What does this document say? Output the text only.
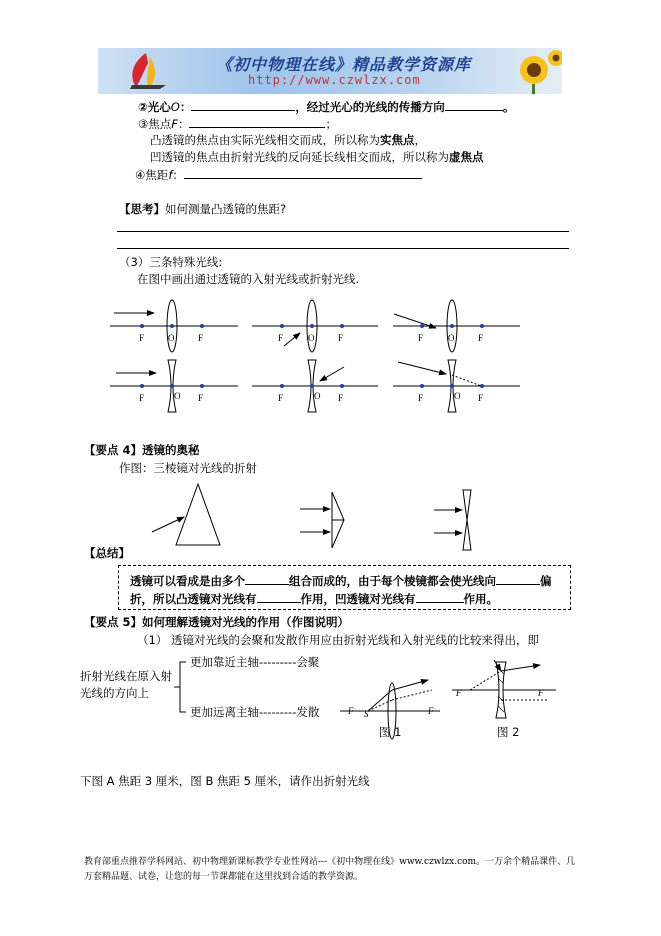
《初中物理在线》精品教学资源库
http://www.czwlzx.com
②光心O：	，经过光心的光线的传播方向	。
③焦点F：	；
凸透镜的焦点由实际光线相交而成，所以称为实焦点，
凹透镜的焦点由折射光线的反向延长线相交而成，所以称为虚焦点
④焦距f：
【思考】如何测量凸透镜的焦距?
（3）三条特殊光线:
在图中画出通过透镜的入射光线或折射光线.
F	O	F	F	O	F	F	O	F
F	O F	F	O F	F	O F
F S	F
F	F
【要点 4】透镜的奥秘
作图：三棱镜对光线的折射
【总结】
透镜可以看成是由多个	组合而成的，由于每个棱镜都会使光线向	偏
折，所以凸透镜对光线有	作用，凹透镜对光线有	作用。
【要点 5】如何理解透镜对光线的作用（作图说明）
（1） 透镜对光线的会聚和发散作用应由折射光线和入射光线的比较来得出，即
折射光线在原入射
光线的方向上
更加靠近主轴---------会聚
更加远离主轴---------发散
图 1	图 2
下图 A 焦距 3 厘米，图 B 焦距 5 厘米，请作出折射光线
教育部重点推荐学科网站、初中物理新课标教学专业性网站---《初中物理在线》www.czwlzx.com。一万余个精品课件、几万套精品题、试卷，让您的每一节课都能在这里找到合适的教学资源。
